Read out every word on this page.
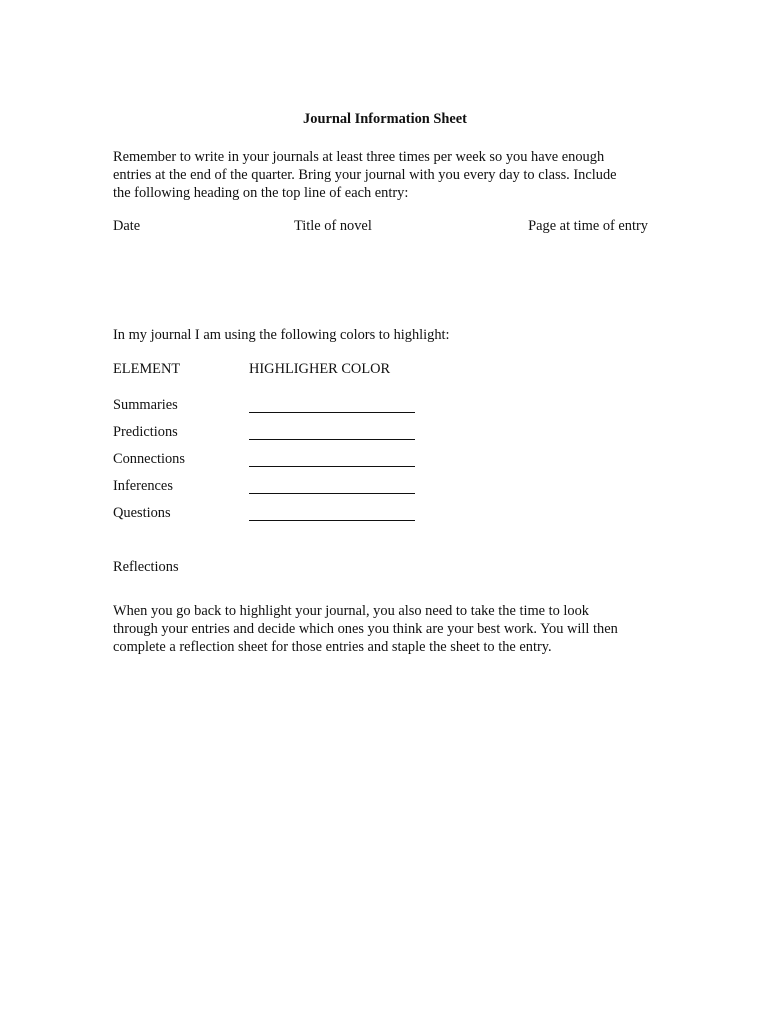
Journal Information Sheet
Remember to write in your journals at least three times per week so you have enough
entries at the end of the quarter. Bring your journal with you every day to class. Include
the following heading on the top line of each entry:
Date	Title of novel	Page at time of entry
In my journal I am using the following colors to highlight:
ELEMENT	HIGHLIGHER COLOR
Summaries
Predictions
Connections
Inferences
Questions
Reflections
When you go back to highlight your journal, you also need to take the time to look
through your entries and decide which ones you think are your best work. You will then
complete a reflection sheet for those entries and staple the sheet to the entry.
